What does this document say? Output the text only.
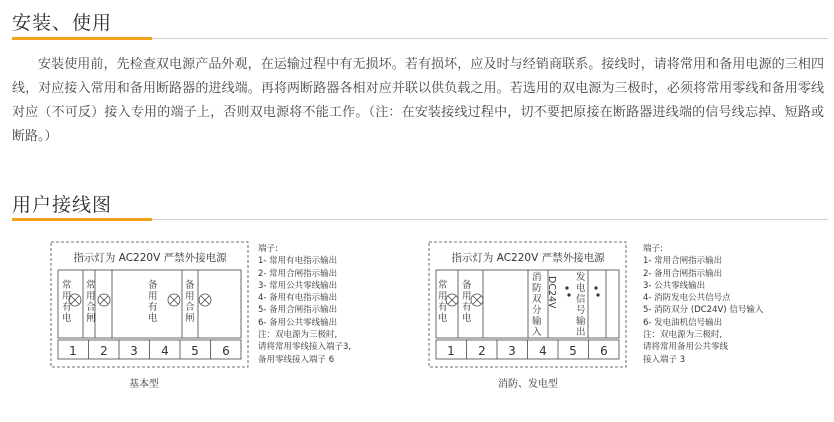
安装、使用
安装使用前，先检查双电源产品外观，在运输过程中有无损坏。若有损坏，应及时与经销商联系。接线时，请将常用和备用电源的三相四线，对应接入常用和备用断路器的进线端。再将两断路器各相对应并联以供负载之用。若选用的双电源为三极时，必须将常用零线和备用零线对应（不可反）接入专用的端子上，否则双电源将不能工作。（注：在安装接线过程中，切不要把原接在断路器进线端的信号线忘掉、短路或断路。）
用户接线图
指示灯为 AC220V 严禁外接电源
常用有电
常用合闸
备用有电
备用合闸
1 2 3 4 5 6
基本型
端子:
1- 常用有电指示输出
2- 常用合闸指示输出
3- 常用公共零线输出
4- 备用有电指示输出
5- 备用合闸指示输出
6- 备用公共零线输出
注：双电源为三极时,
请将常用零线接入端子3,
备用零线接入端子 6
指示灯为 AC220V 严禁外接电源
常用有电
备用有电
消防双分输入
DC24V 发电信号输出
1 2 3 4 5 6
消防、发电型
端子:
1- 常用合闸指示输出
2- 备用合闸指示输出
3- 公共零线输出
4- 消防发电公共信号点
5- 消防双分 (DC24V) 信号输入
6- 发电油机信号输出
注：双电源为三极时,
请将常用备用公共零线
接入端子 3
